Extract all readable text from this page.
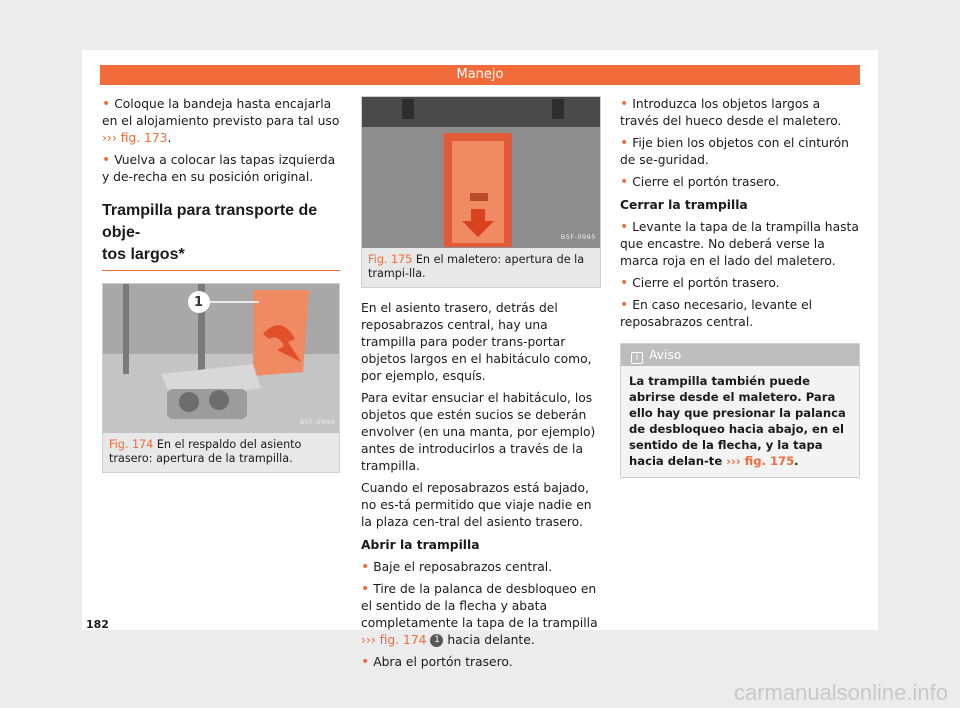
Manejo

• Coloque la bandeja hasta encajarla en el alojamiento previsto para tal uso ››› fig. 173.

• Vuelva a colocar las tapas izquierda y de-recha en su posición original.

Trampilla para transporte de obje-
tos largos*
1
B5F-0994
Fig. 174 En el respaldo del asiento trasero: apertura de la trampilla.
B5F-0995
Fig. 175 En el maletero: apertura de la trampi-lla.

En el asiento trasero, detrás del reposabrazos central, hay una trampilla para poder trans-portar objetos largos en el habitáculo como, por ejemplo, esquís.

Para evitar ensuciar el habitáculo, los objetos que estén sucios se deberán envolver (en una manta, por ejemplo) antes de introducirlos a través de la trampilla.

Cuando el reposabrazos está bajado, no es-tá permitido que viaje nadie en la plaza cen-tral del asiento trasero.

Abrir la trampilla

• Baje el reposabrazos central.

• Tire de la palanca de desbloqueo en el sentido de la flecha y abata completamente la tapa de la trampilla ››› fig. 174 1 hacia delante.

• Abra el portón trasero.

• Introduzca los objetos largos a través del hueco desde el maletero.

• Fije bien los objetos con el cinturón de se-guridad.

• Cierre el portón trasero.

Cerrar la trampilla

• Levante la tapa de la trampilla hasta que encastre. No deberá verse la marca roja en el lado del maletero.

• Cierre el portón trasero.

• En caso necesario, levante el reposabrazos central.

i Aviso
La trampilla también puede abrirse desde el maletero. Para ello hay que presionar la palanca de desbloqueo hacia abajo, en el sentido de la flecha, y la tapa hacia delan-te ››› fig. 175.
182
carmanualsonline.info
